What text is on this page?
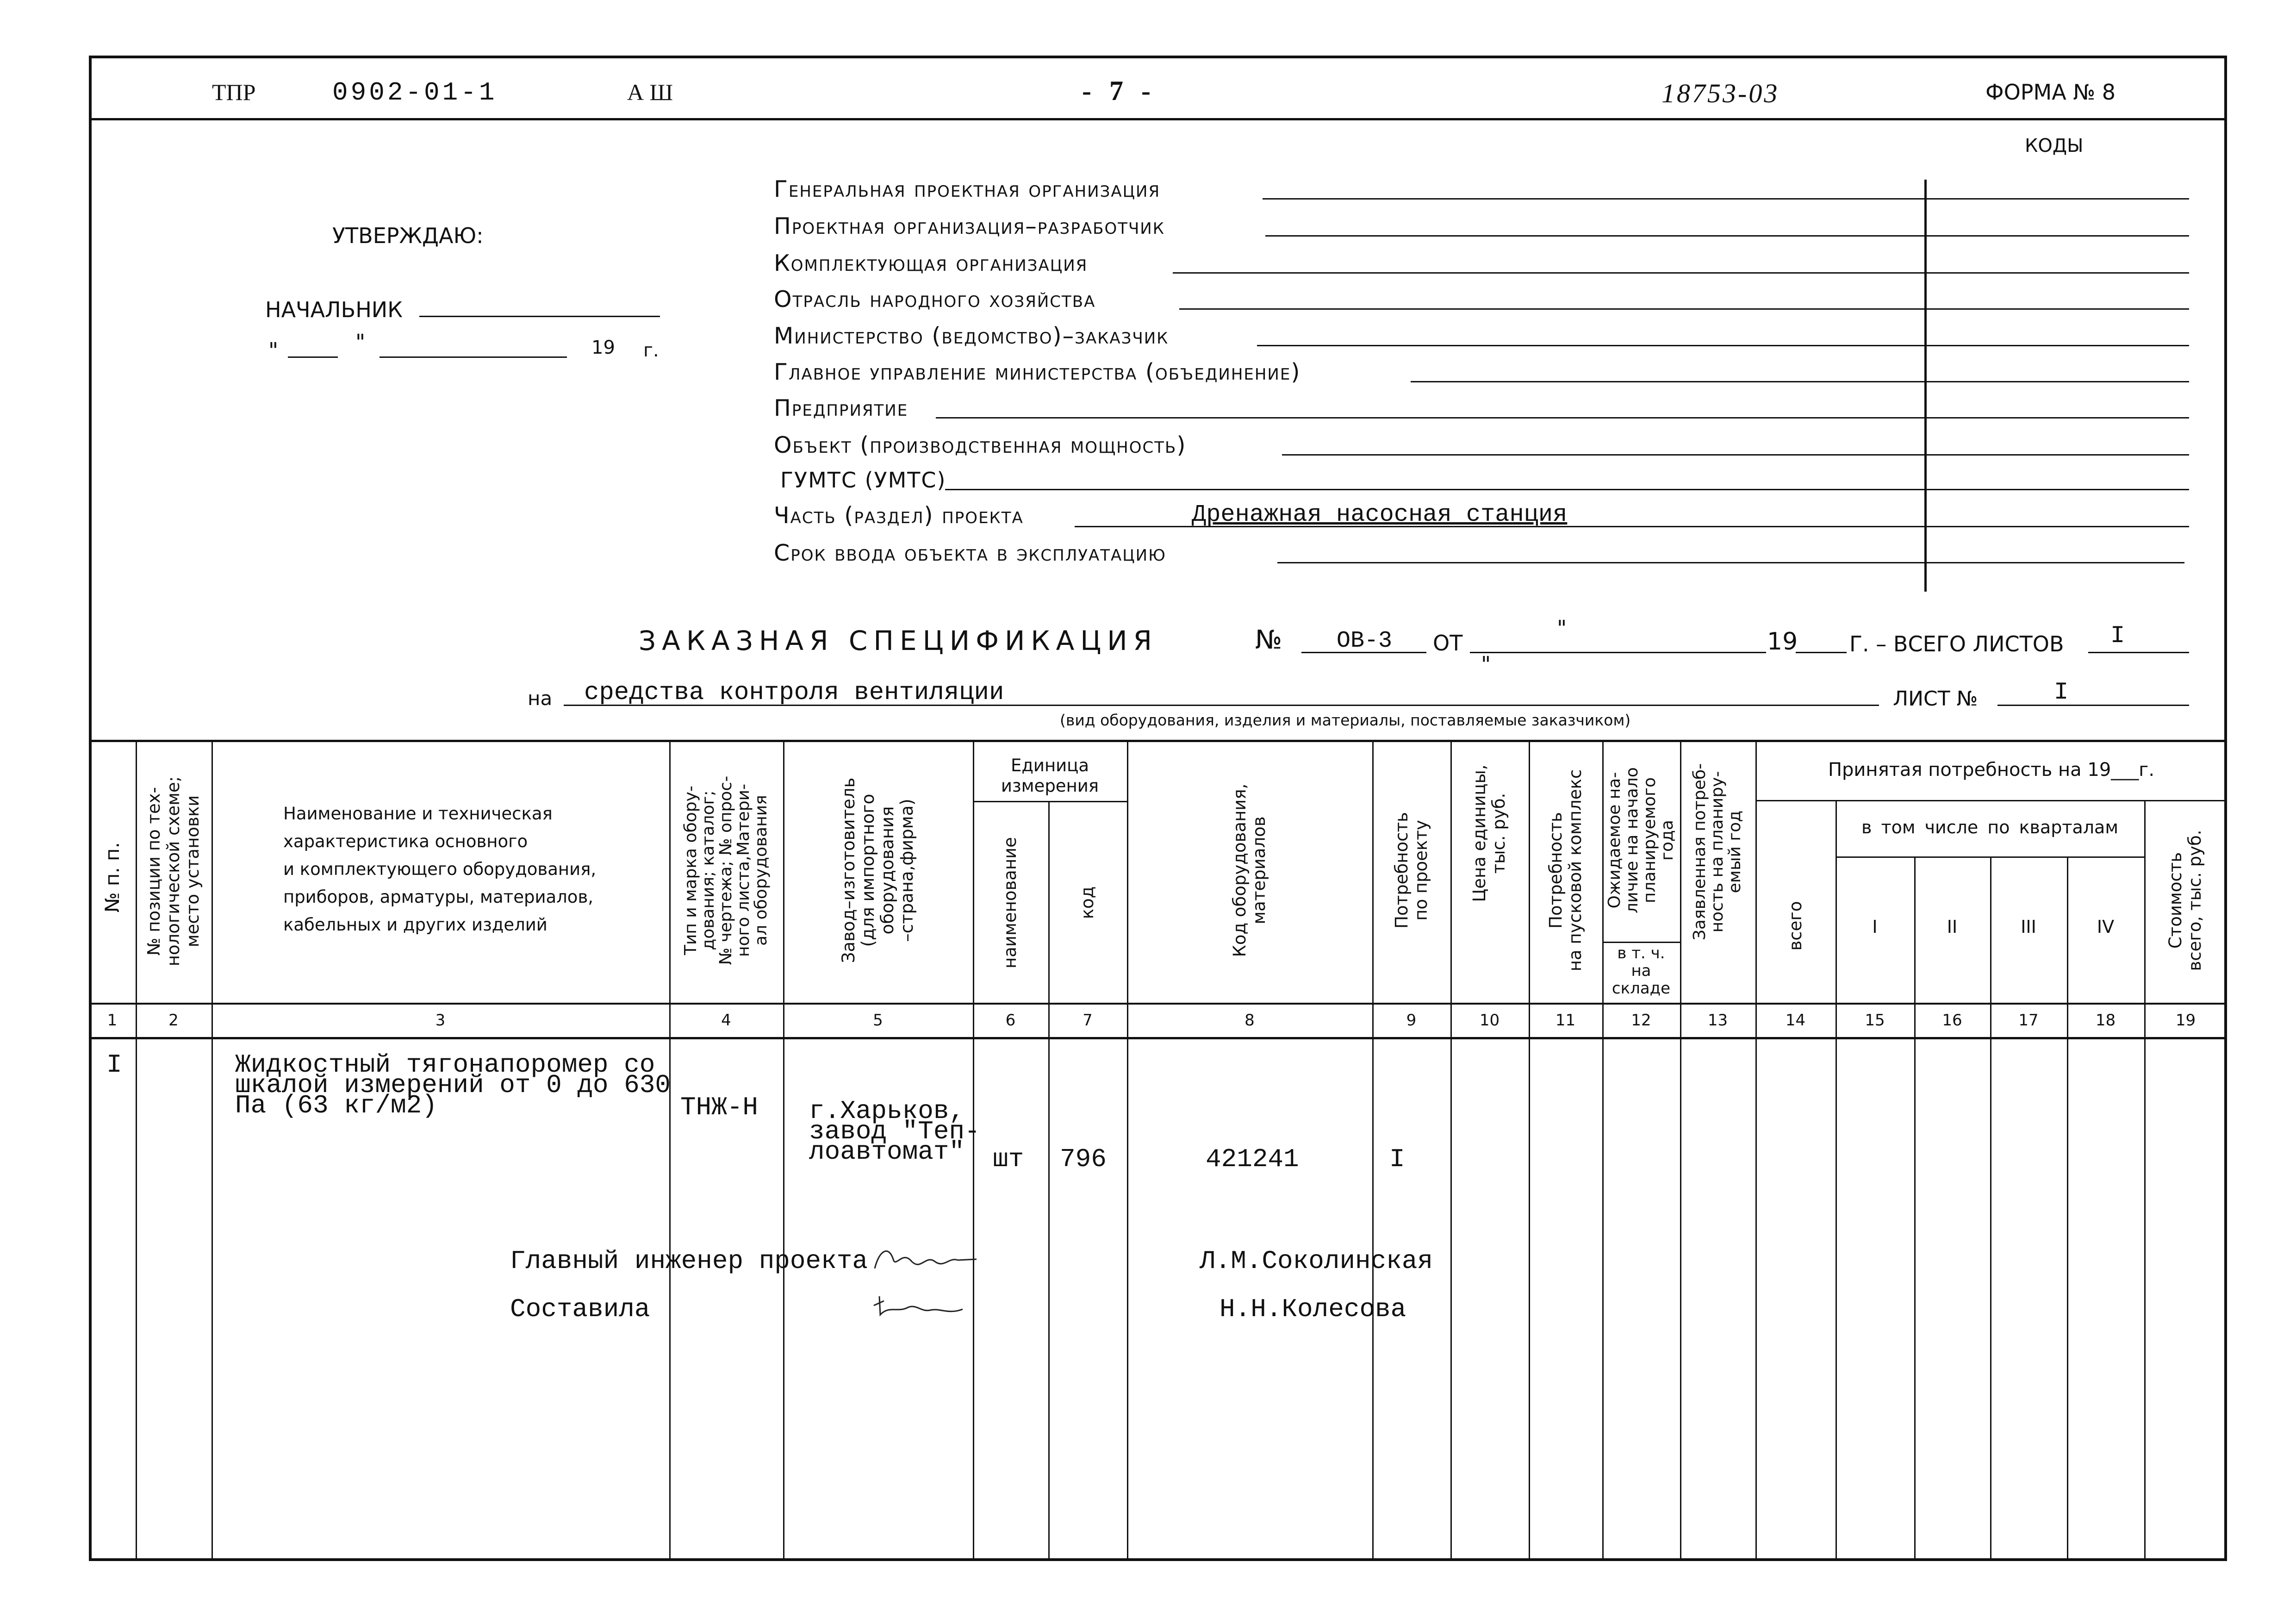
ТПР	0902-01-1	А Ш	- 7 -	18753-03	ФОРМА № 8
УТВЕРЖДАЮ:
НАЧАЛЬНИК
"	"	19 г.
КОДЫ
Генеральная проектная организация
Проектная организация–разработчик
Комплектующая организация
Отрасль народного хозяйства
Министерство (ведомство)–заказчик
Главное управление министерства (объединение)
Предприятие
Объект (производственная мощность)
ГУМТС (УМТС)
Часть (раздел) проекта	Дренажная насосная станция
Срок ввода объекта в эксплуатацию
ЗАКАЗНАЯ СПЕЦИФИКАЦИЯ	№ ОВ-3 ОТ
"
"
19 Г. – ВСЕГО ЛИСТОВ I
на средства контроля вентиляции	ЛИСТ №	I
(вид оборудования, изделия и материалы, поставляемые заказчиком)
№ п. п.
№ позиции по тех-
нологической схеме;
место установки	Наименование и техническая
характеристика основного
и комплектующего оборудования,
приборов, арматуры, материалов,
кабельных и других изделий	Тип и марка обору-
дования; каталог;
№ чертежа; № опрос-
ного листа,Матери-
ал оборудования	Завод–изготовитель
(для импортного
оборудования
–страна,фирма)
Единица
измерения
наименование	код
Код оборудования,
материалов	Потребность
по проекту Цена единицы,
тыс. руб.
Потребность
на пусковой комплекс Ожидаемое на-
личие на начало
планируемого
года
в т. ч.
на
складе
Заявленная потреб-
ность на планиру-
емый год
Принятая потребность на 19___г.
всего
в том числе по кварталам
I	II	III	IV	Стоимость
всего, тыс. руб.
1	2	3	4	5	6	7	8	9	10	11	12	13	14	15	16	17	18	19
I	Жидкостный тягонапоромер со
шкалой измерений от 0 до 630
Па (63 кг/м2)	ТНЖ-Н г.Харьков,
завод "Теп-
лоавтомат"	шт 796	421241	I
Главный инженер проекта	Л.М.Соколинская
Составила	Н.Н.Колесова
